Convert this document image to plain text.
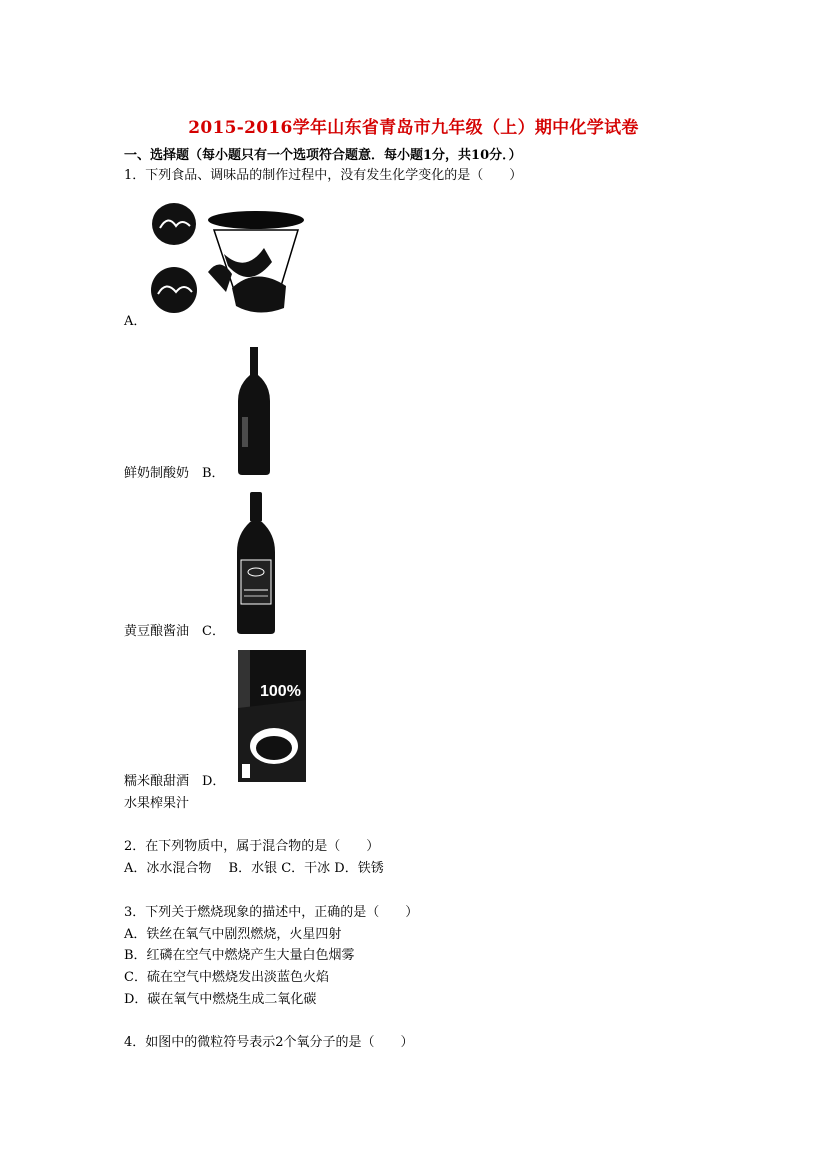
2015-2016学年山东省青岛市九年级（上）期中化学试卷
一、选择题（每小题只有一个选项符合题意．每小题1分，共10分．）
1．下列食品、调味品的制作过程中，没有发生化学变化的是（　　）
A．
鲜奶制酸奶　B．
黄豆酿酱油　C．
100%
糯米酿甜酒　D．
水果榨果汁
2．在下列物质中，属于混合物的是（　　）
A．冰水混合物　 B．水银 C．干冰 D．铁锈
3．下列关于燃烧现象的描述中，正确的是（　　）
A．铁丝在氧气中剧烈燃烧，火星四射
B．红磷在空气中燃烧产生大量白色烟雾
C．硫在空气中燃烧发出淡蓝色火焰
D．碳在氧气中燃烧生成二氧化碳
4．如图中的微粒符号表示2个氧分子的是（　　）
